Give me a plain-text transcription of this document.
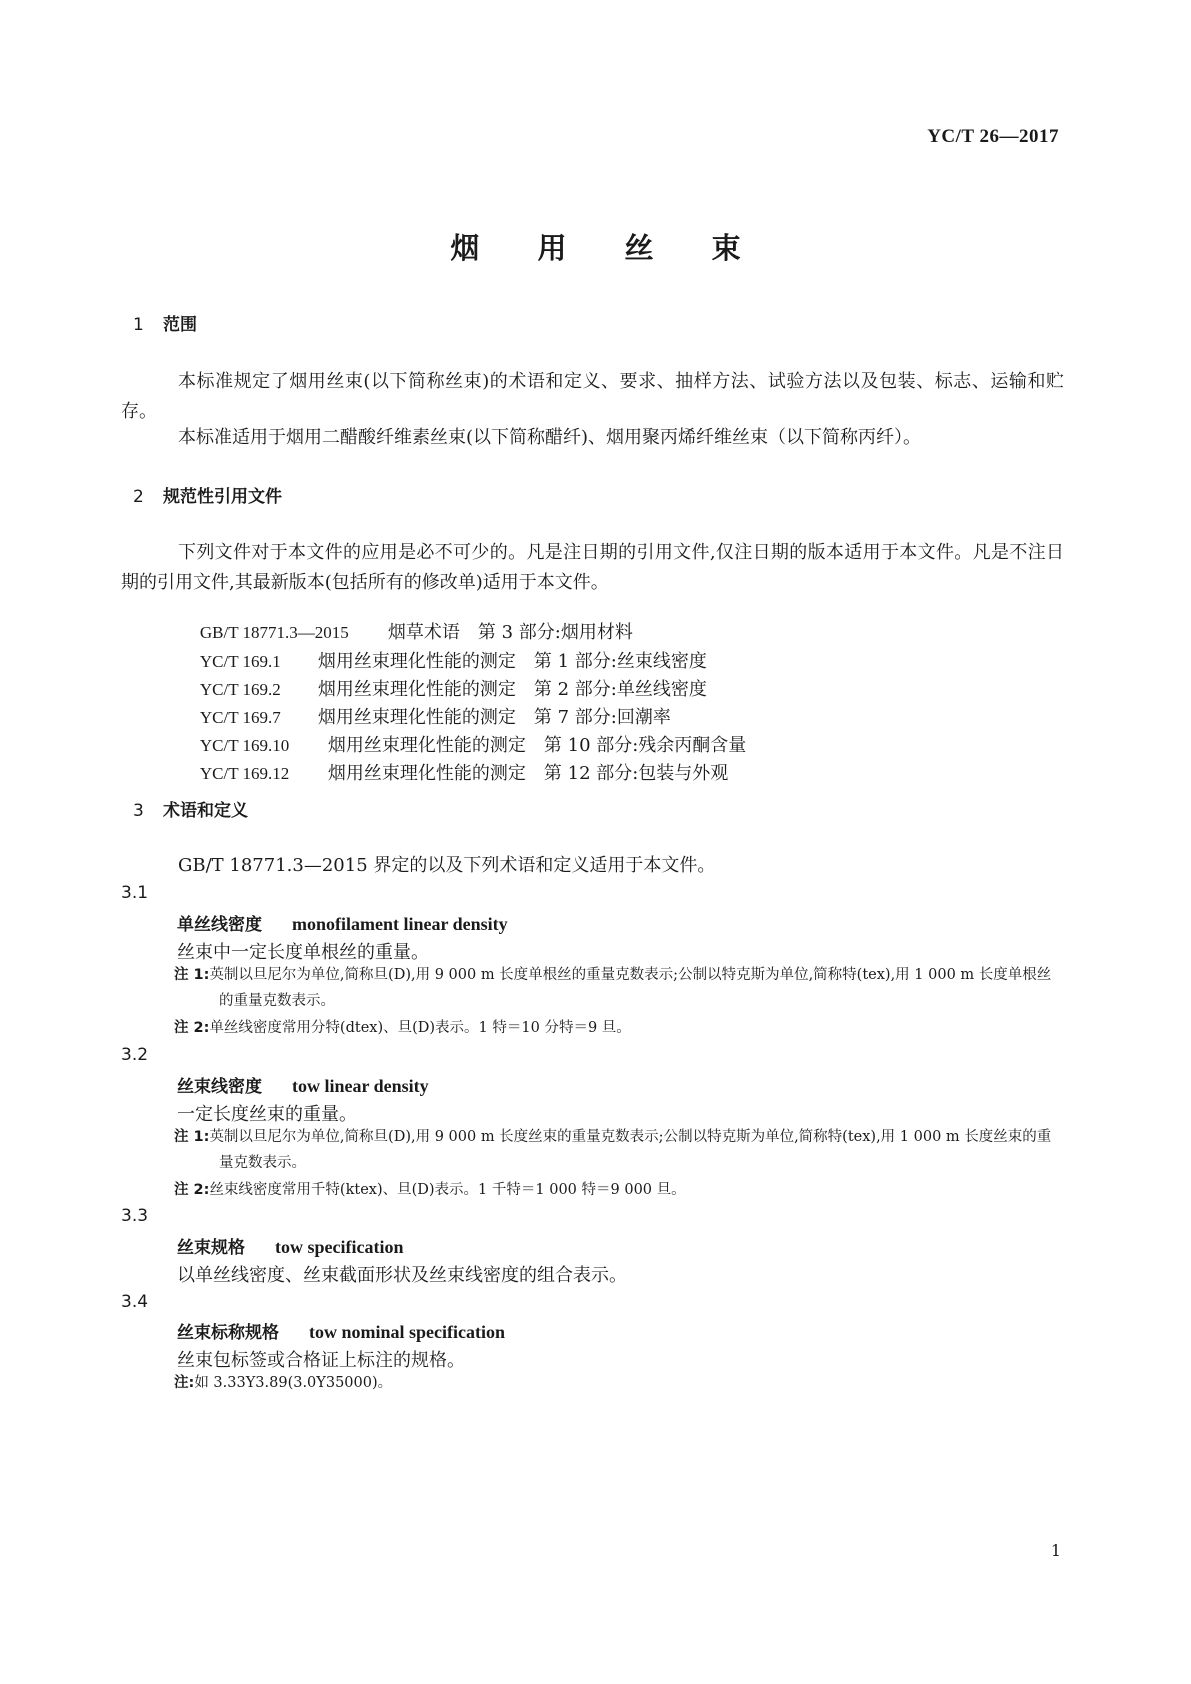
YC/T 26—2017
烟 用 丝 束
1 范围
本标准规定了烟用丝束(以下简称丝束)的术语和定义、要求、抽样方法、试验方法以及包装、标志、运输和贮存。
本标准适用于烟用二醋酸纤维素丝束(以下简称醋纤)、烟用聚丙烯纤维丝束（以下简称丙纤）。
2 规范性引用文件
下列文件对于本文件的应用是必不可少的。凡是注日期的引用文件,仅注日期的版本适用于本文件。凡是不注日期的引用文件,其最新版本(包括所有的修改单)适用于本文件。

GB/T 18771.3—2015 烟草术语　第 3 部分:烟用材料

YC/T 169.1 烟用丝束理化性能的测定　第 1 部分:丝束线密度

YC/T 169.2 烟用丝束理化性能的测定　第 2 部分:单丝线密度

YC/T 169.7 烟用丝束理化性能的测定　第 7 部分:回潮率

YC/T 169.10 烟用丝束理化性能的测定　第 10 部分:残余丙酮含量

YC/T 169.12 烟用丝束理化性能的测定　第 12 部分:包装与外观

3 术语和定义
GB/T 18771.3—2015 界定的以及下列术语和定义适用于本文件。
3.1
单丝线密度 monofilament linear density
丝束中一定长度单根丝的重量。
注 1:英制以旦尼尔为单位,简称旦(D),用 9 000 m 长度单根丝的重量克数表示;公制以特克斯为单位,简称特(tex),用 1 000 m 长度单根丝的重量克数表示。
注 2:单丝线密度常用分特(dtex)、旦(D)表示。1 特＝10 分特＝9 旦。
3.2
丝束线密度 tow linear density
一定长度丝束的重量。
注 1:英制以旦尼尔为单位,简称旦(D),用 9 000 m 长度丝束的重量克数表示;公制以特克斯为单位,简称特(tex),用 1 000 m 长度丝束的重量克数表示。
注 2:丝束线密度常用千特(ktex)、旦(D)表示。1 千特＝1 000 特＝9 000 旦。
3.3
丝束规格 tow specification
以单丝线密度、丝束截面形状及丝束线密度的组合表示。
3.4
丝束标称规格 tow nominal specification
丝束包标签或合格证上标注的规格。
注:如 3.33Y3.89(3.0Y35000)。
1
